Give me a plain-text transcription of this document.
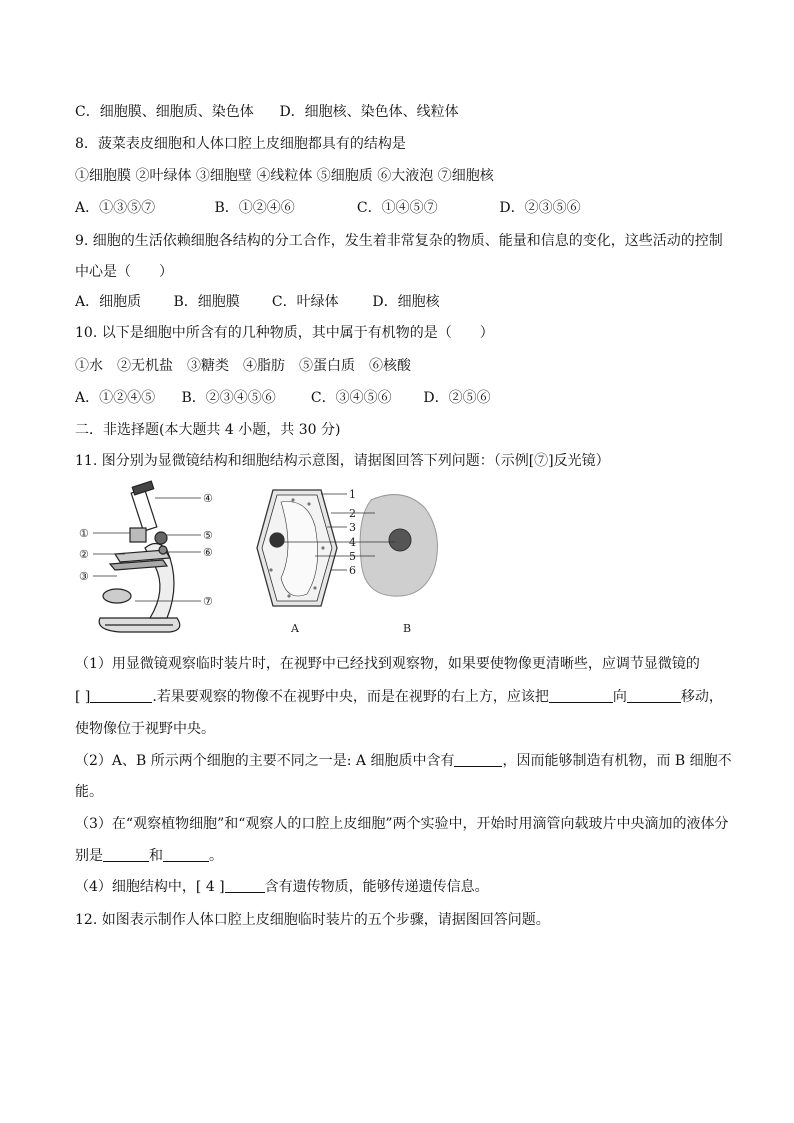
C．细胞膜、细胞质、染色体 D．细胞核、染色体、线粒体
8．菠菜表皮细胞和人体口腔上皮细胞都具有的结构是
①细胞膜 ②叶绿体 ③细胞壁 ④线粒体 ⑤细胞质 ⑥大液泡 ⑦细胞核
A．①③⑤⑦	B．①②④⑥	C．①④⑤⑦	D．②③⑤⑥
9. 细胞的生活依赖细胞各结构的分工合作，发生着非常复杂的物质、能量和信息的变化，这些活动的控制
中心是（　　）
A．细胞质 B．细胞膜 C．叶绿体 D．细胞核
10. 以下是细胞中所含有的几种物质，其中属于有机物的是（　　）
①水　②无机盐　③糖类　④脂肪　⑤蛋白质　⑥核酸
A．①②④⑤ B．②③④⑤⑥	C．③④⑤⑥ D．②⑤⑥
二．非选择题(本大题共 4 小题，共 30 分)
11. 图分别为显微镜结构和细胞结构示意图，请据图回答下列问题：（示例[⑦]反光镜）
①
②
③
④
⑤
⑥
⑦
1
2
3
4
5
6
A	B
（1）用显微镜观察临时装片时，在视野中已经找到观察物，如果要使物像更清晰些，应调节显微镜的
[ ]	.若果要观察的物像不在视野中央，而是在视野的右上方，应该把	向	移动，
使物像位于视野中央。
（2）A、B 所示两个细胞的主要不同之一是: A 细胞质中含有	，因而能够制造有机物，而 B 细胞不
能。
（3）在“观察植物细胞”和“观察人的口腔上皮细胞”两个实验中，开始时用滴管向载玻片中央滴加的液体分
别是	和	。
（4）细胞结构中，[ 4 ]	含有遗传物质，能够传递遗传信息。
12. 如图表示制作人体口腔上皮细胞临时装片的五个步骤，请据图回答问题。
